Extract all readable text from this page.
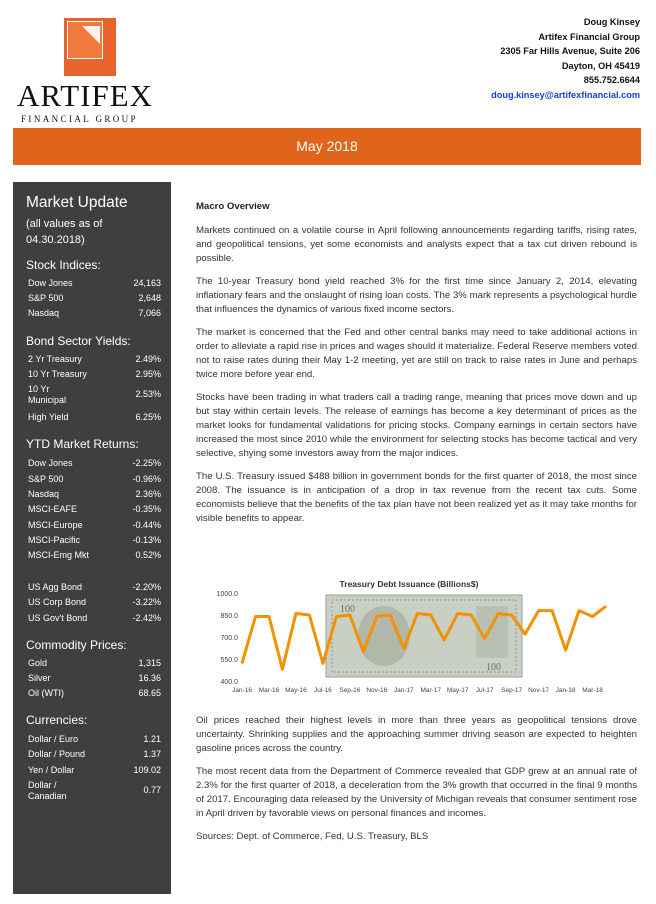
ARTIFEX
FINANCIAL GROUP
Doug Kinsey
Artifex Financial Group
2305 Far Hills Avenue, Suite 206
Dayton, OH 45419
855.752.6644
doug.kinsey@artifexfinancial.com
May 2018
Market Update
(all values as of 04.30.2018)
Stock Indices:
Dow Jones	24,163
S&P 500	2,648
Nasdaq	7,066
Bond Sector Yields:
2 Yr Treasury	2.49%
10 Yr Treasury	2.95%
10 Yr Municipal
2.53%
High Yield	6.25%
YTD Market Returns:
Dow Jones	-2.25%
S&P 500	-0.96%
Nasdaq	2.36%
MSCI-EAFE	-0.35%
MSCI-Europe	-0.44%
MSCI-Pacific	-0.13%
MSCI-Emg Mkt	0.52%
US Agg Bond	-2.20%
US Corp Bond	-3.22%
US Gov't Bond	-2.42%
Commodity Prices:
Gold	1,315
Silver	16.36
Oil (WTI)	68.65
Currencies:
Dollar / Euro	1.21
Dollar / Pound	1.37
Yen / Dollar	109.02
Dollar / Canadian
0.77
Macro Overview

Markets continued on a volatile course in April following announcements regarding tariffs, rising rates, and geopolitical tensions, yet some economists and analysts expect that a tax cut driven rebound is possible.

The 10-year Treasury bond yield reached 3% for the first time since January 2, 2014, elevating inflationary fears and the onslaught of rising loan costs. The 3% mark represents a psychological hurdle that influences the dynamics of various fixed income sectors.

The market is concerned that the Fed and other central banks may need to take additional actions in order to alleviate a rapid rise in prices and wages should it materialize. Federal Reserve members voted not to raise rates during their May 1-2 meeting, yet are still on track to raise rates in June and perhaps twice more before year end.

Stocks have been trading in what traders call a trading range, meaning that prices move down and up but stay within certain levels. The release of earnings has become a key determinant of prices as the market looks for fundamental validations for pricing stocks. Company earnings in certain sectors have increased the most since 2010 while the environment for selecting stocks has become tactical and very selective, shying some investors away from the major indices.

The U.S. Treasury issued $488 billion in government bonds for the first quarter of 2018, the most since 2008. The issuance is in anticipation of a drop in tax revenue from the recent tax cuts. Some economists believe that the benefits of the tax plan have not been realized yet as it may take months for visible benefits to appear.

Treasury Debt Issuance (Billions$)
100
100
1000.0
850.0
700.0
550.0
400.0
Jan-16 Mar-16 May-16 Jul-16 Sep-16 Nov-16 Jan-17 Mar-17 May-17 Jul-17 Sep-17 Nov-17 Jan-18 Mar-18

Oil prices reached their highest levels in more than three years as geopolitical tensions drove uncertainty. Shrinking supplies and the approaching summer driving season are expected to heighten gasoline prices across the country.

The most recent data from the Department of Commerce revealed that GDP grew at an annual rate of 2.3% for the first quarter of 2018, a deceleration from the 3% growth that occurred in the final 9 months of 2017. Encouraging data released by the University of Michigan reveals that consumer sentiment rose in April driven by favorable views on personal finances and incomes.

Sources: Dept. of Commerce, Fed, U.S. Treasury, BLS
